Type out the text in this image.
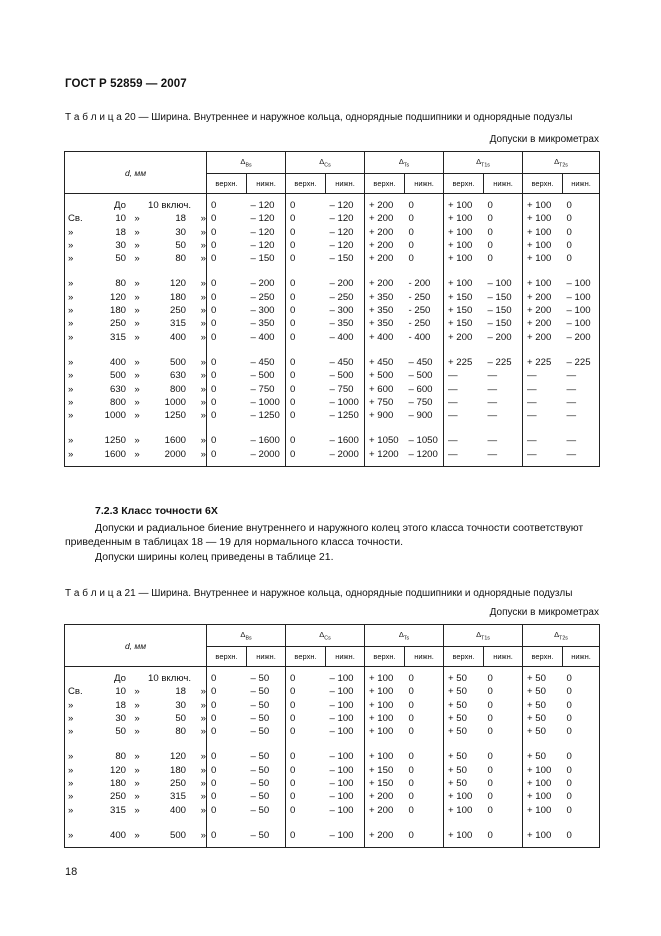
ГОСТ Р 52859 — 2007
Т а б л и ц а 20 — Ширина. Внутреннее и наружное кольца, однорядные подшипники и однорядные подузлы
Допуски в микрометрах
d, мм	$\Delta_{Bs}$		$\Delta_{Cs}$		$\Delta_{Ts}$		$\Delta_{T1s}$		$\Delta_{T2s}$
	верхн.	нижн.	верхн.	нижн.	верхн.	нижн.	верхн.	нижн.	верхн.	нижн.

До 10 включ.	0	– 120	0	– 120	+ 200	0	+ 100	0	+ 100	0

Св. 10 » 18 »	0	– 120	0	– 120	+ 200	0	+ 100	0	+ 100	0

» 18 » 30 »	0	– 120	0	– 120	+ 200	0	+ 100	0	+ 100	0

» 30 » 50 »	0	– 120	0	– 120	+ 200	0	+ 100	0	+ 100	0

» 50 » 80 »	0	– 150	0	– 150	+ 200	0	+ 100	0	+ 100	0

» 80 » 120 »	0	– 200	0	– 200	+ 200	- 200	+ 100	– 100	+ 100	– 100

» 120 » 180 »	0	– 250	0	– 250	+ 350	- 250	+ 150	– 150	+ 200	– 100

» 180 » 250 »	0	– 300	0	– 300	+ 350	- 250	+ 150	– 150	+ 200	– 100

» 250 » 315 »	0	– 350	0	– 350	+ 350	- 250	+ 150	– 150	+ 200	– 100

» 315 » 400 »	0	– 400	0	– 400	+ 400	- 400	+ 200	– 200	+ 200	– 200

» 400 » 500 »	0	– 450	0	– 450	+ 450	– 450	+ 225	– 225	+ 225	– 225

» 500 » 630 »	0	– 500	0	– 500	+ 500	– 500	—	—	—	—

» 630 » 800 »	0	– 750	0	– 750	+ 600	– 600	—	—	—	—

» 800 » 1000 »	0	– 1000	0	– 1000	+ 750	– 750	—	—	—	—

» 1000 » 1250 »	0	– 1250	0	– 1250	+ 900	– 900	—	—	—	—

» 1250 » 1600 »	0	– 1600	0	– 1600	+ 1050	– 1050	—	—	—	—

» 1600 » 2000 »	0	– 2000	0	– 2000	+ 1200	– 1200	—	—	—	—

7.2.3 Класс точности 6Х
Допуски и радиальное биение внутреннего и наружного колец этого класса точности соответствуют
приведенным в таблицах 18 — 19 для нормального класса точности.
Допуски ширины колец приведены в таблице 21.
Т а б л и ц а 21 — Ширина. Внутреннее и наружное кольца, однорядные подшипники и однорядные подузлы
Допуски в микрометрах
d, мм	$\Delta_{Bs}$		$\Delta_{Cs}$		$\Delta_{Ts}$		$\Delta_{T1s}$		$\Delta_{T2s}$
	верхн.	нижн.	верхн.	нижн.	верхн.	нижн.	верхн.	нижн.	верхн.	нижн.

До 10 включ.	0	– 50	0	– 100	+ 100	0	+ 50	0	+ 50	0

Св. 10 » 18 »	0	– 50	0	– 100	+ 100	0	+ 50	0	+ 50	0

» 18 » 30 »	0	– 50	0	– 100	+ 100	0	+ 50	0	+ 50	0

» 30 » 50 »	0	– 50	0	– 100	+ 100	0	+ 50	0	+ 50	0

» 50 » 80 »	0	– 50	0	– 100	+ 100	0	+ 50	0	+ 50	0

» 80 » 120 »	0	– 50	0	– 100	+ 100	0	+ 50	0	+ 50	0

» 120 » 180 »	0	– 50	0	– 100	+ 150	0	+ 50	0	+ 100	0

» 180 » 250 »	0	– 50	0	– 100	+ 150	0	+ 50	0	+ 100	0

» 250 » 315 »	0	– 50	0	– 100	+ 200	0	+ 100	0	+ 100	0

» 315 » 400 »	0	– 50	0	– 100	+ 200	0	+ 100	0	+ 100	0

» 400 » 500 »	0	– 50	0	– 100	+ 200	0	+ 100	0	+ 100	0

18
